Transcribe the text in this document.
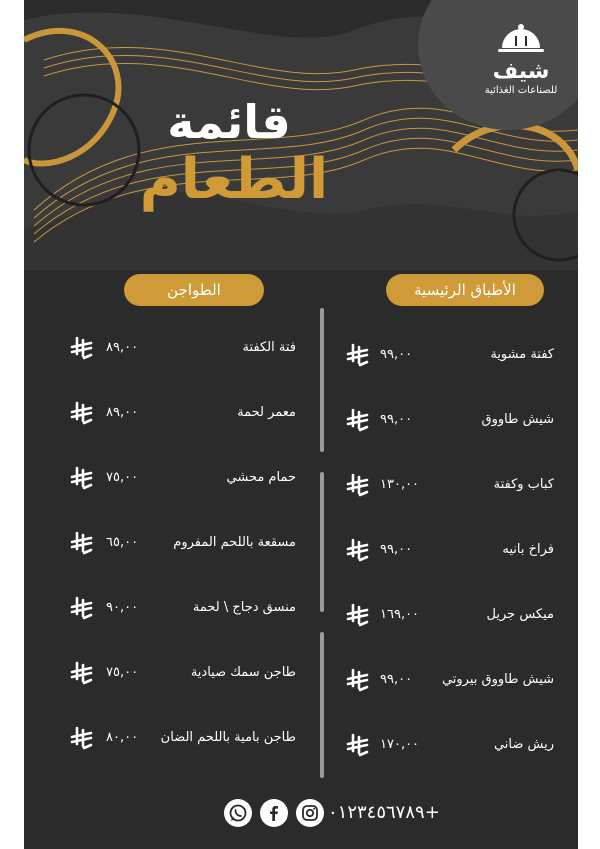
شيف
للصناعات الغذائية
قائمة
الطعام
الأطباق الرئيسية
الطواجن
٩٩,٠٠	كفتة مشوية
٩٩,٠٠	شيش طاووق
١٣٠,٠٠	كباب وكفتة
٩٩,٠٠	فراخ بانيه
١٦٩,٠٠	ميكس جريل
٩٩,٠٠ شيش طاووق بيروتي
١٧٠,٠٠	ريش ضاني
٨٩,٠٠	فتة الكفتة
٨٩,٠٠	معمر لحمة
٧٥,٠٠	حمام محشي
٦٥,٠٠	مسقعة باللحم المفروم
٩٠,٠٠	منسق دجاج \ لحمة
٧٥,٠٠	طاجن سمك صيادية
٨٠,٠٠ طاجن بامية باللحم الضان
٠١٢٣٤٥٦٧٨٩+
